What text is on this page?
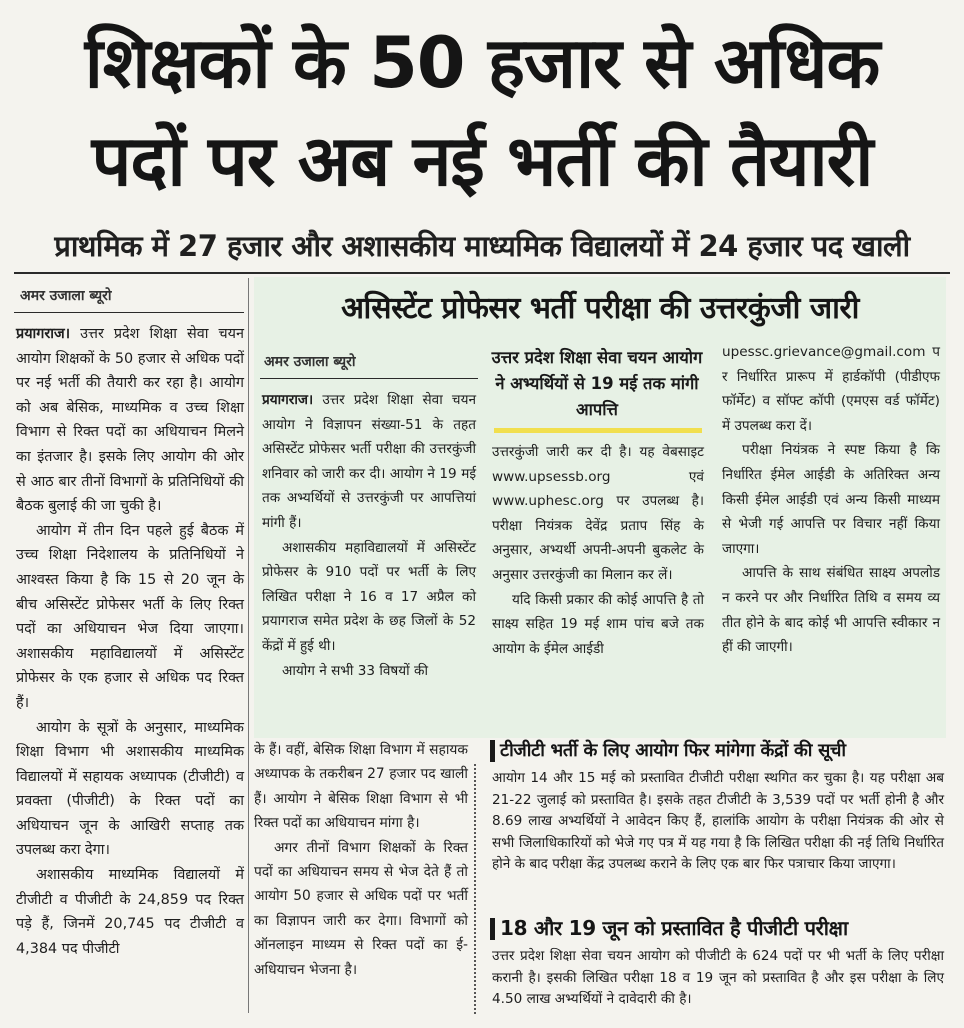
शिक्षकों के 50 हजार से अधिक
पदों पर अब नई भर्ती की तैयारी
प्राथमिक में 27 हजार और अशासकीय माध्यमिक विद्यालयों में 24 हजार पद खाली
अमर उजाला ब्यूरो

प्रयागराज। उत्तर प्रदेश शिक्षा सेवा चयन आयोग शिक्षकों के 50 हजार से अधिक पदों पर नई भर्ती की तैयारी कर रहा है। आयोग को अब बेसिक, माध्यमिक व उच्च शिक्षा विभाग से रिक्त पदों का अधियाचन मिलने का इंतजार है। इसके लिए आयोग की ओर से आठ बार तीनों विभागों के प्रतिनिधियों की बैठक बुलाई की जा चुकी है।

आयोग में तीन दिन पहले हुई बैठक में उच्च शिक्षा निदेशालय के प्रतिनिधियों ने आश्वस्त किया है कि 15 से 20 जून के बीच असिस्टेंट प्रोफेसर भर्ती के लिए रिक्त पदों का अधियाचन भेज दिया जाएगा। अशासकीय महाविद्यालयों में असिस्टेंट प्रोफेसर के एक हजार से अधिक पद रिक्त हैं।

आयोग के सूत्रों के अनुसार, माध्यमिक शिक्षा विभाग भी अशासकीय माध्यमिक विद्यालयों में सहायक अध्यापक (टीजीटी) व प्रवक्ता (पीजीटी) के रिक्त पदों का अधियाचन जून के आखिरी सप्ताह तक उपलब्ध करा देगा।

अशासकीय माध्यमिक विद्यालयों में टीजीटी व पीजीटी के 24,859 पद रिक्त पड़े हैं, जिनमें 20,745 पद टीजीटी व 4,384 पद पीजीटी

असिस्टेंट प्रोफेसर भर्ती परीक्षा की उत्तरकुंजी जारी
अमर उजाला ब्यूरो

प्रयागराज। उत्तर प्रदेश शिक्षा सेवा चयन आयोग ने विज्ञापन संख्या-51 के तहत असिस्टेंट प्रोफेसर भर्ती परीक्षा की उत्तरकुंजी शनिवार को जारी कर दी। आयोग ने 19 मई तक अभ्यर्थियों से उत्तरकुंजी पर आपत्तियां मांगी हैं।

अशासकीय महाविद्यालयों में असिस्टेंट प्रोफेसर के 910 पदों पर भर्ती के लिए लिखित परीक्षा ने 16 व 17 अप्रैल को प्रयागराज समेत प्रदेश के छह जिलों के 52 केंद्रों में हुई थी।

आयोग ने सभी 33 विषयों की

उत्तर प्रदेश शिक्षा सेवा चयन आयोग ने अभ्यर्थियों से 19 मई तक मांगी आपत्ति

उत्तरकुंजी जारी कर दी है। यह वेबसाइट www.upsessb.org एवं www.uphesc.org पर उपलब्ध है। परीक्षा नियंत्रक देवेंद्र प्रताप सिंह के अनुसार, अभ्यर्थी अपनी-अपनी बुकलेट के अनुसार उत्तरकुंजी का मिलान कर लें।

यदि किसी प्रकार की कोई आपत्ति है तो साक्ष्य सहित 19 मई शाम पांच बजे तक आयोग के ईमेल आईडी

upessc.grievance@gmail.com पर निर्धारित प्रारूप में हार्डकॉपी (पीडीएफ फॉर्मेट) व सॉफ्ट कॉपी (एमएस वर्ड फॉर्मेट) में उपलब्ध करा दें।

परीक्षा नियंत्रक ने स्पष्ट किया है कि निर्धारित ईमेल आईडी के अतिरिक्त अन्य किसी ईमेल आईडी एवं अन्य किसी माध्यम से भेजी गई आपत्ति पर विचार नहीं किया जाएगा।

आपत्ति के साथ संबंधित साक्ष्य अपलोड न करने पर और निर्धारित तिथि व समय व्यतीत होने के बाद कोई भी आपत्ति स्वीकार नहीं की जाएगी।

के हैं। वहीं, बेसिक शिक्षा विभाग में सहायक अध्यापक के तकरीबन 27 हजार पद खाली हैं। आयोग ने बेसिक शिक्षा विभाग से भी रिक्त पदों का अधियाचन मांगा है।

अगर तीनों विभाग शिक्षकों के रिक्त पदों का अधियाचन समय से भेज देते हैं तो आयोग 50 हजार से अधिक पदों पर भर्ती का विज्ञापन जारी कर देगा। विभागों को ऑनलाइन माध्यम से रिक्त पदों का ई-अधियाचन भेजना है।

टीजीटी भर्ती के लिए आयोग फिर मांगेगा केंद्रों की सूची
आयोग 14 और 15 मई को प्रस्तावित टीजीटी परीक्षा स्थगित कर चुका है। यह परीक्षा अब 21-22 जुलाई को प्रस्तावित है। इसके तहत टीजीटी के 3,539 पदों पर भर्ती होनी है और 8.69 लाख अभ्यर्थियों ने आवेदन किए हैं, हालांकि आयोग के परीक्षा नियंत्रक की ओर से सभी जिलाधिकारियों को भेजे गए पत्र में यह गया है कि लिखित परीक्षा की नई तिथि निर्धारित होने के बाद परीक्षा केंद्र उपलब्ध कराने के लिए एक बार फिर पत्राचार किया जाएगा।
18 और 19 जून को प्रस्तावित है पीजीटी परीक्षा
उत्तर प्रदेश शिक्षा सेवा चयन आयोग को पीजीटी के 624 पदों पर भी भर्ती के लिए परीक्षा करानी है। इसकी लिखित परीक्षा 18 व 19 जून को प्रस्तावित है और इस परीक्षा के लिए 4.50 लाख अभ्यर्थियों ने दावेदारी की है।
